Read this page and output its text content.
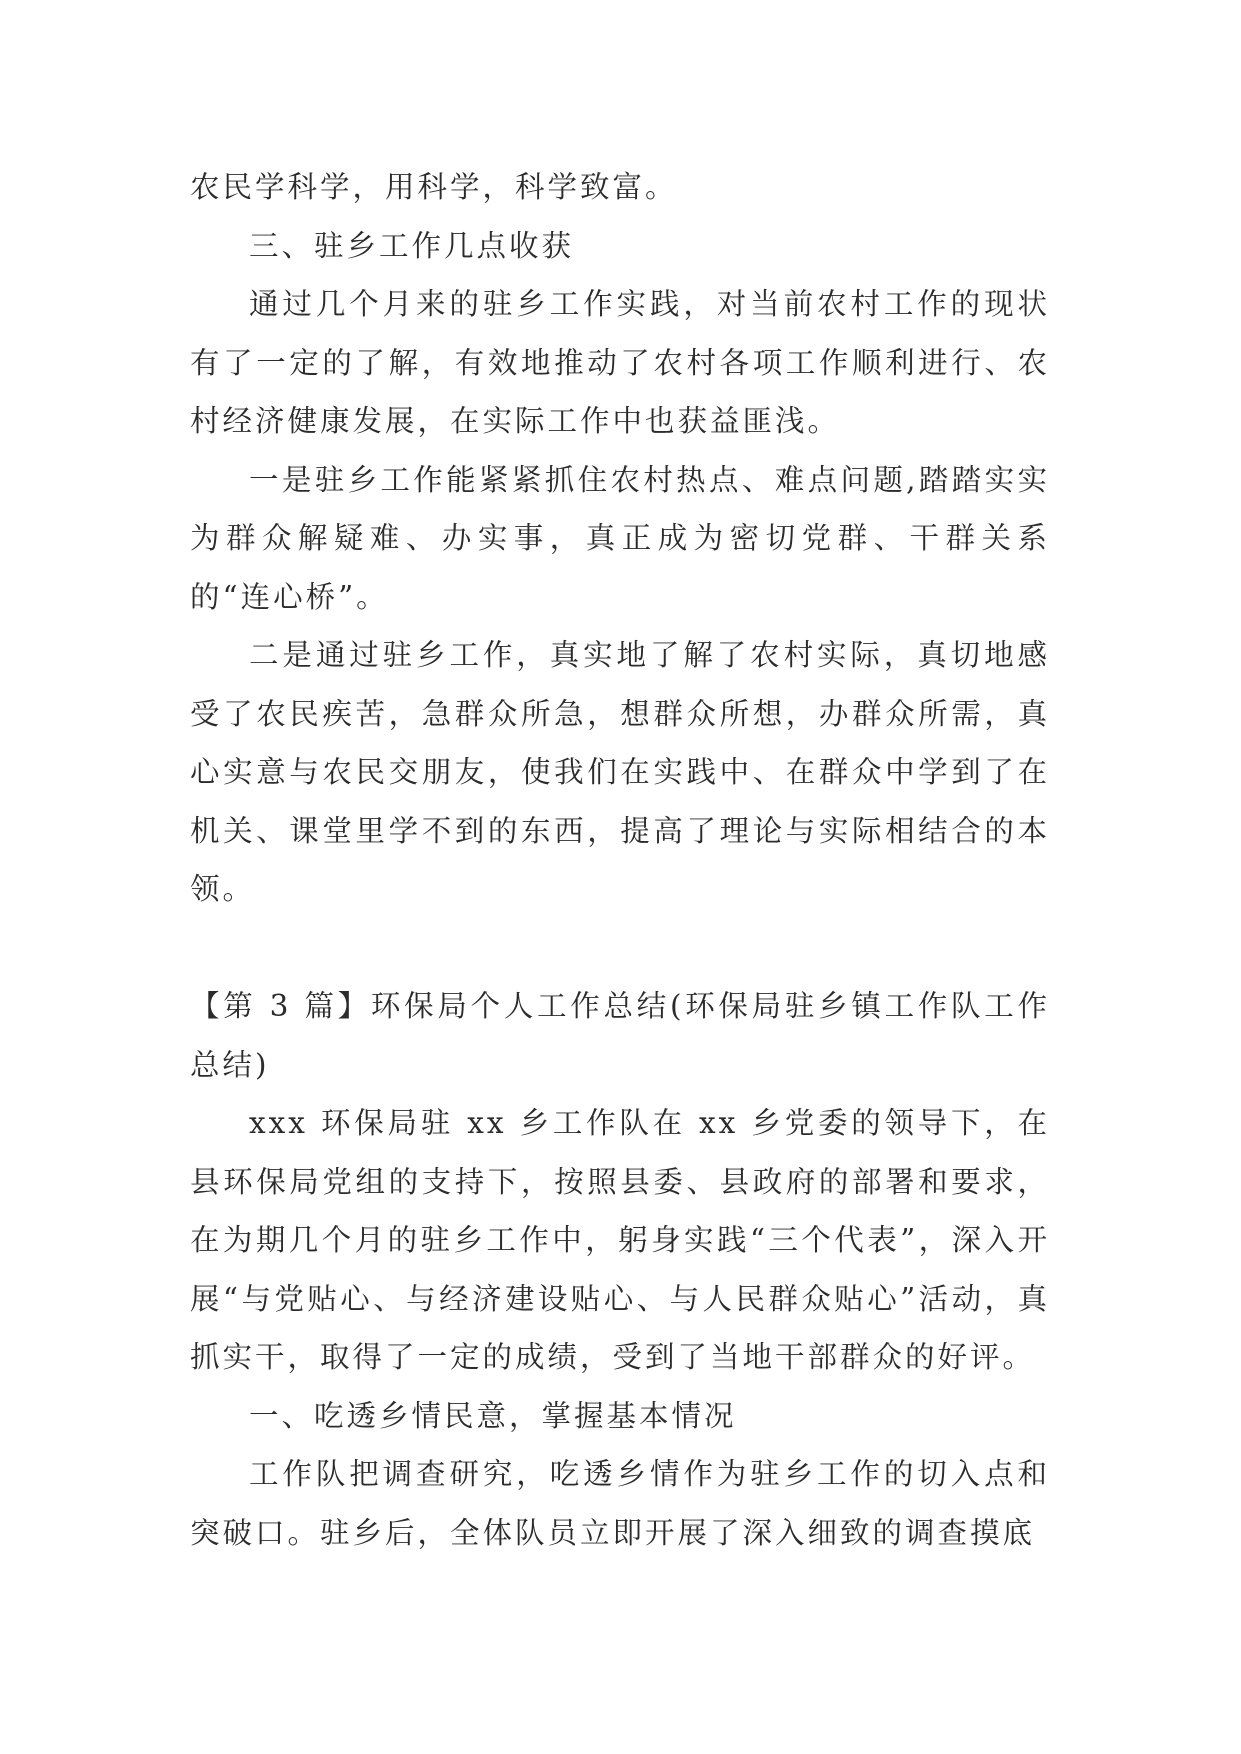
农民学科学，用科学，科学致富。

三、驻乡工作几点收获

通过几个月来的驻乡工作实践，对当前农村工作的现状有了一定的了解，有效地推动了农村各项工作顺利进行、农村经济健康发展，在实际工作中也获益匪浅。

一是驻乡工作能紧紧抓住农村热点、难点问题,踏踏实实为群众解疑难、办实事，真正成为密切党群、干群关系的“连心桥”。

二是通过驻乡工作，真实地了解了农村实际，真切地感受了农民疾苦，急群众所急，想群众所想，办群众所需，真心实意与农民交朋友，使我们在实践中、在群众中学到了在机关、课堂里学不到的东西，提高了理论与实际相结合的本领。

【第 3 篇】环保局个人工作总结(环保局驻乡镇工作队工作总结)

xxx 环保局驻 xx 乡工作队在 xx 乡党委的领导下，在县环保局党组的支持下，按照县委、县政府的部署和要求，在为期几个月的驻乡工作中，躬身实践“三个代表”，深入开展“与党贴心、与经济建设贴心、与人民群众贴心”活动，真抓实干，取得了一定的成绩，受到了当地干部群众的好评。

一、吃透乡情民意，掌握基本情况

工作队把调查研究，吃透乡情作为驻乡工作的切入点和突破口。驻乡后，全体队员立即开展了深入细致的调查摸底
